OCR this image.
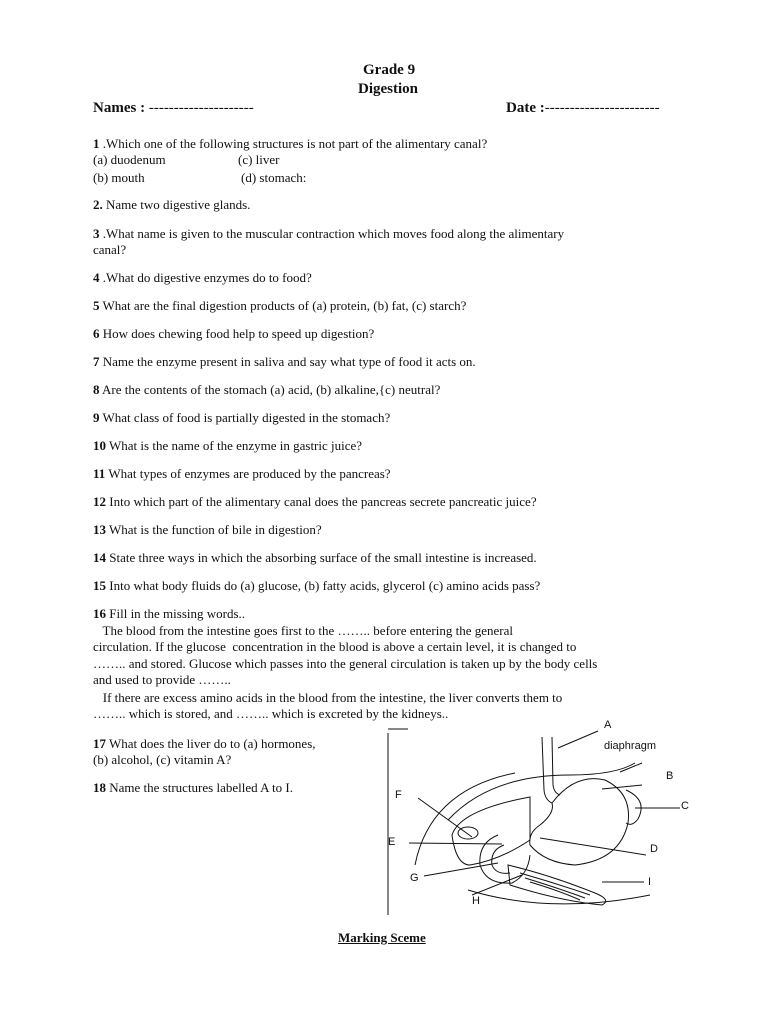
Grade 9
Digestion
Names : ---------------------	Date :-----------------------
1 .Which one of the following structures is not part of the alimentary canal?
(a) duodenum	(c) liver
(b) mouth	(d) stomach:
2. Name two digestive glands.
3 .What name is given to the muscular contraction which moves food along the alimentary
canal?
4 .What do digestive enzymes do to food?
5 What are the final digestion products of (a) protein, (b) fat, (c) starch?
6 How does chewing food help to speed up digestion?
7 Name the enzyme present in saliva and say what type of food it acts on.
8 Are the contents of the stomach (a) acid, (b) alkaline,{c) neutral?
9 What class of food is partially digested in the stomach?
10 What is the name of the enzyme in gastric juice?
11 What types of enzymes are produced by the pancreas?
12 Into which part of the alimentary canal does the pancreas secrete pancreatic juice?
13 What is the function of bile in digestion?
14 State three ways in which the absorbing surface of the small intestine is increased.
15 Into what body fluids do (a) glucose, (b) fatty acids, glycerol (c) amino acids pass?
16 Fill in the missing words..
The blood from the intestine goes first to the …….. before entering the general
circulation. If the glucose  concentration in the blood is above a certain level, it is changed to
…….. and stored. Glucose which passes into the general circulation is taken up by the body cells
and used to provide ……..
If there are excess amino acids in the blood from the intestine, the liver converts them to
…….. which is stored, and …….. which is excreted by the kidneys..
17 What does the liver do to (a) hormones,
(b) alcohol, (c) vitamin A?
18 Name the structures labelled A to I.
A
diaphragm
B
C
D
E
F
G
H
I
Marking Sceme
